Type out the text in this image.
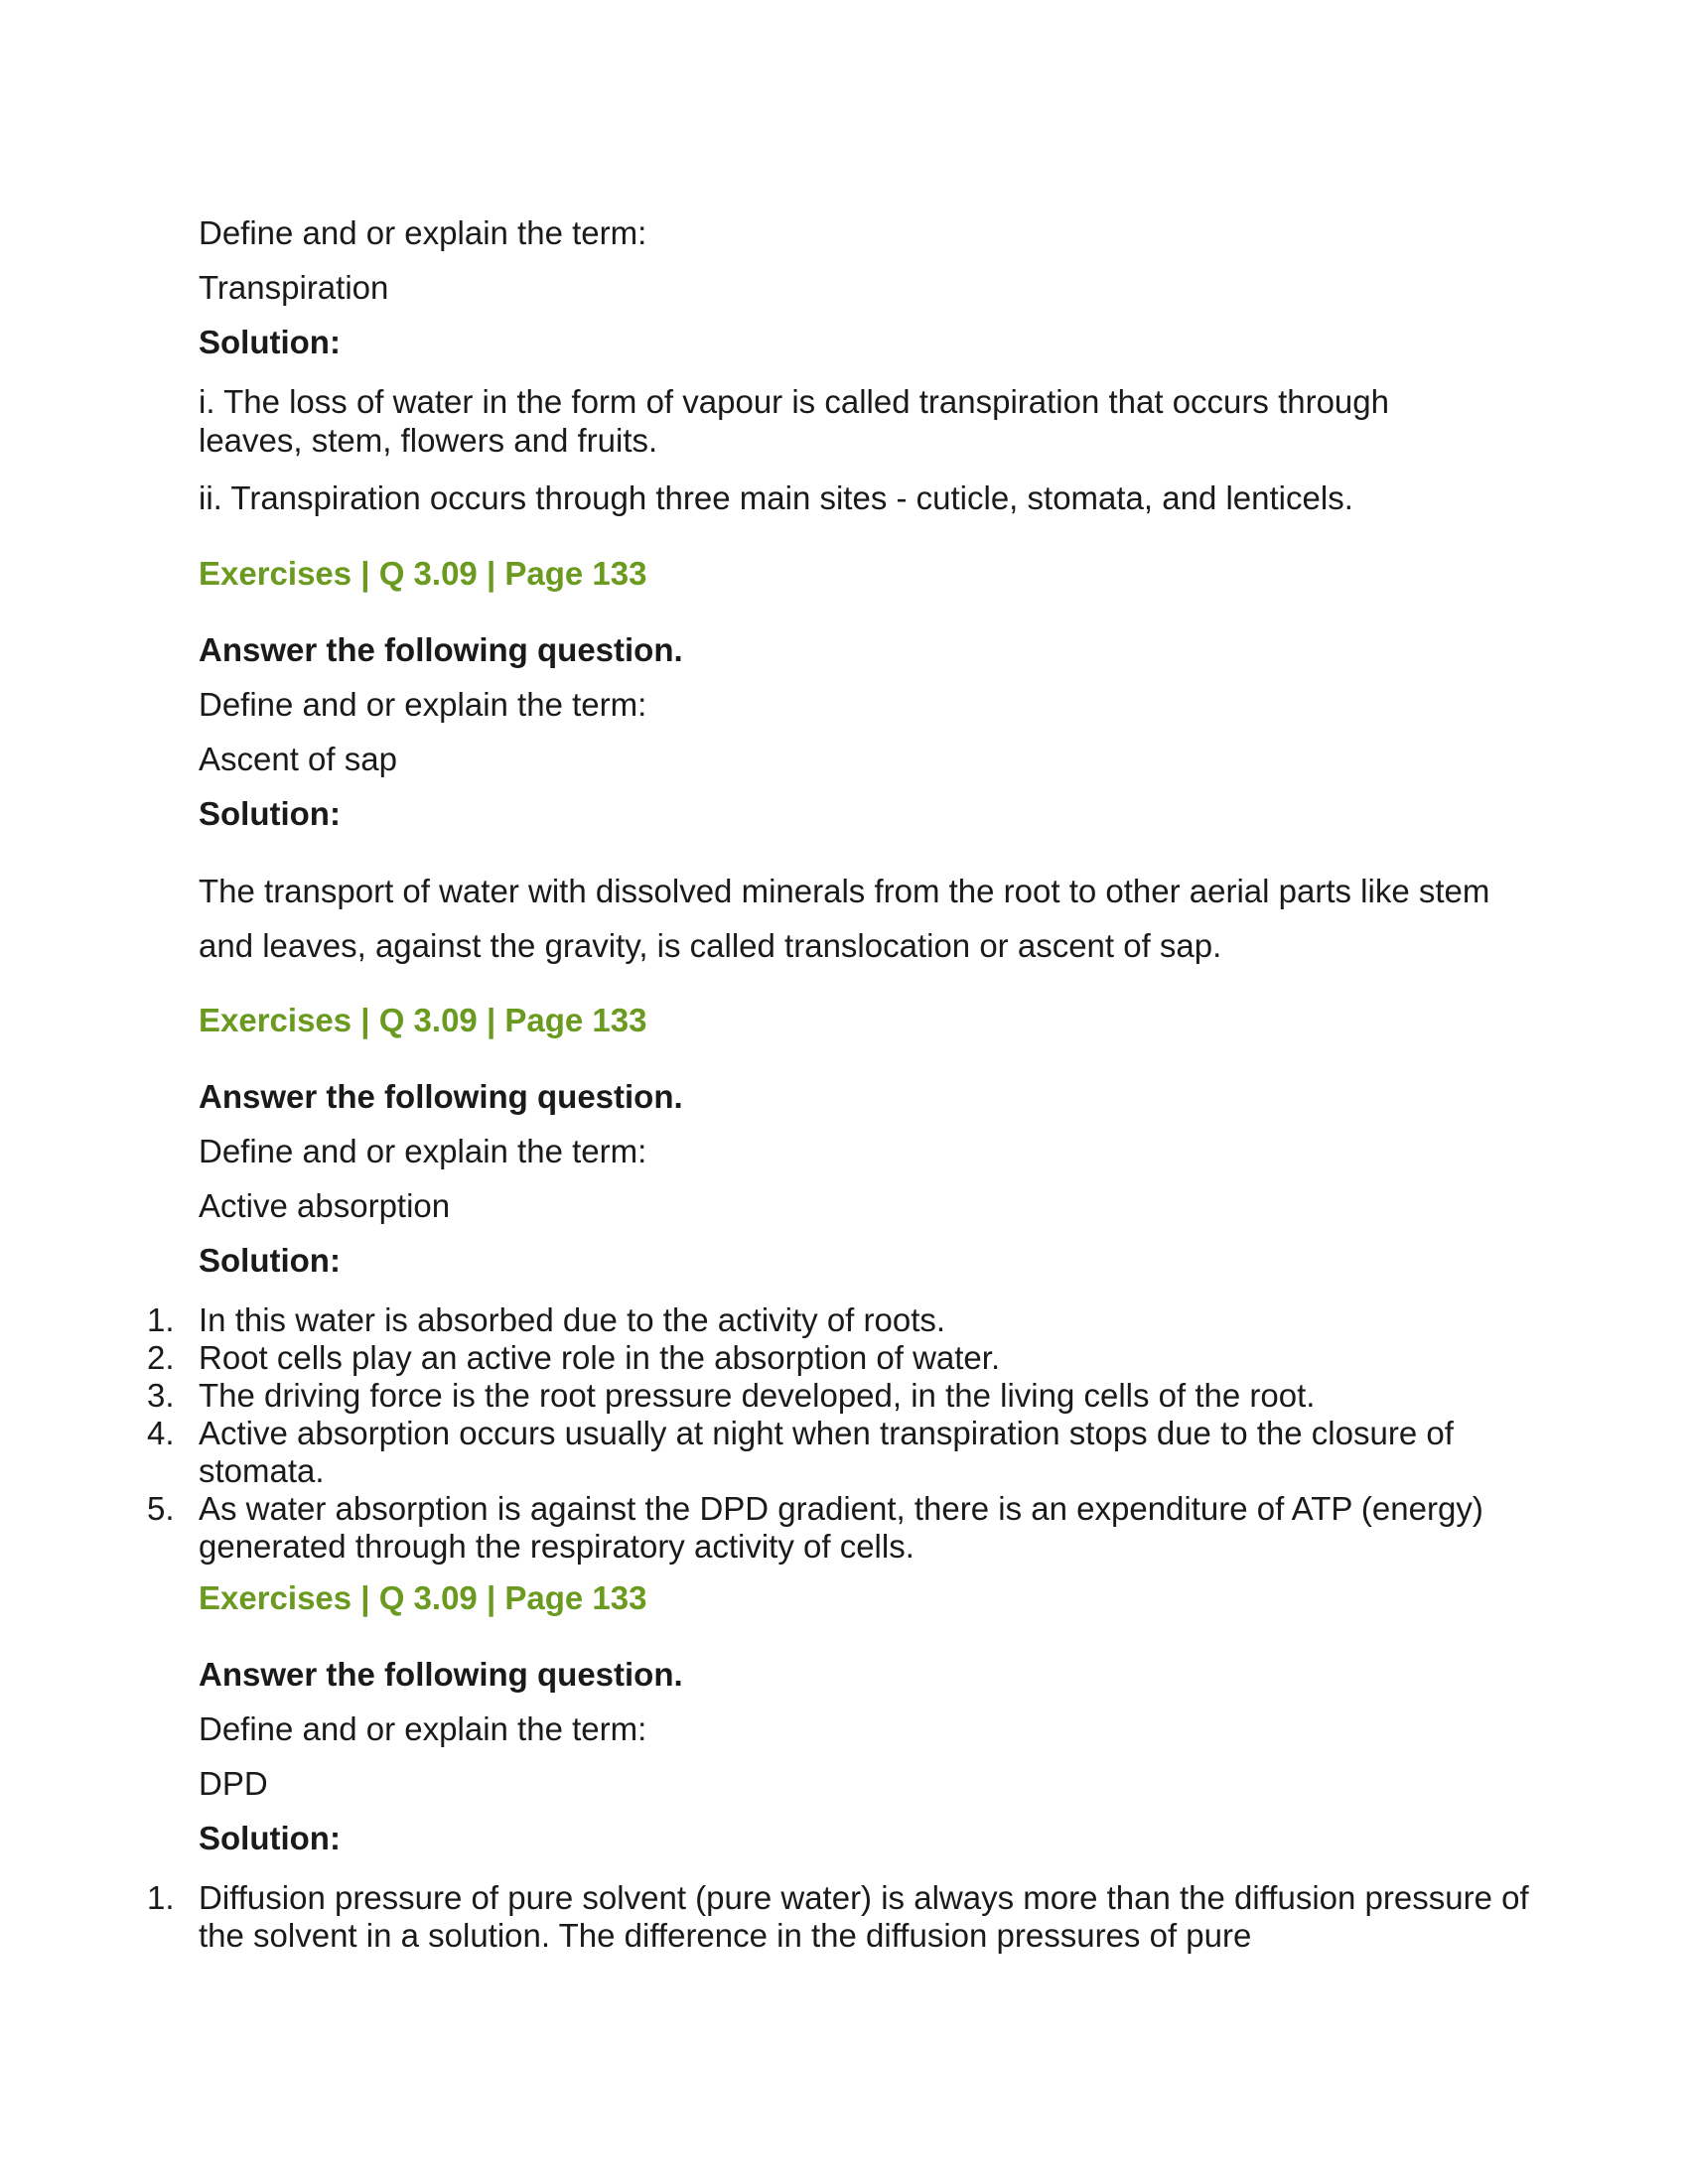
Define and or explain the term:

Transpiration

Solution:

i. The loss of water in the form of vapour is called transpiration that occurs through leaves, stem, flowers and fruits.

ii. Transpiration occurs through three main sites - cuticle, stomata, and lenticels.

Exercises | Q 3.09 | Page 133

Answer the following question.

Define and or explain the term:

Ascent of sap

Solution:

The transport of water with dissolved minerals from the root to other aerial parts like stem and leaves, against the gravity, is called translocation or ascent of sap.

Exercises | Q 3.09 | Page 133

Answer the following question.

Define and or explain the term:

Active absorption

Solution:

1. In this water is absorbed due to the activity of roots.
2. Root cells play an active role in the absorption of water.
3. The driving force is the root pressure developed, in the living cells of the root.
4. Active absorption occurs usually at night when transpiration stops due to the closure of stomata.
5. As water absorption is against the DPD gradient, there is an expenditure of ATP (energy) generated through the respiratory activity of cells.

Exercises | Q 3.09 | Page 133

Answer the following question.

Define and or explain the term:

DPD

Solution:

1. Diffusion pressure of pure solvent (pure water) is always more than the diffusion pressure of the solvent in a solution. The difference in the diffusion pressures of pure
